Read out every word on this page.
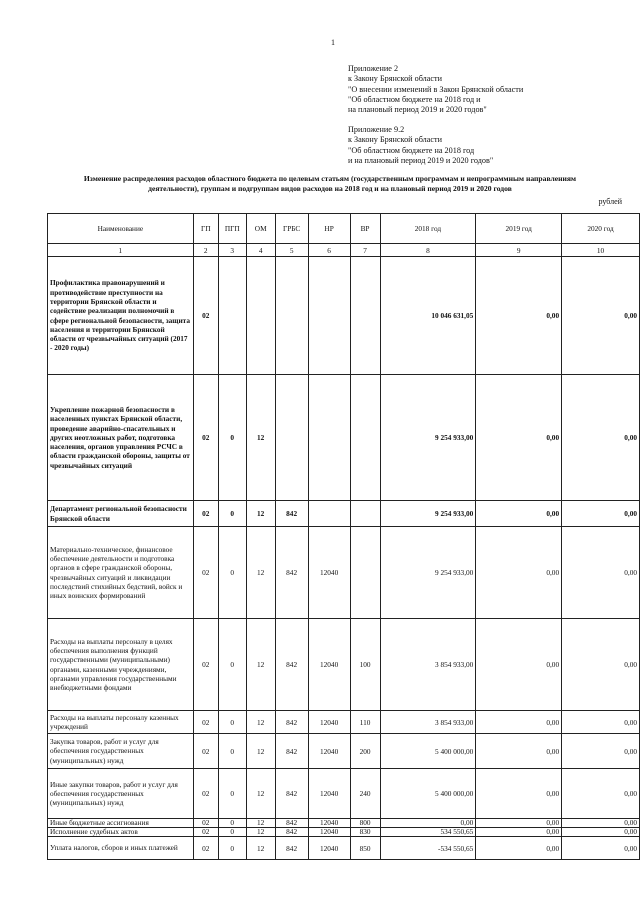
1
Приложение 2
к Закону Брянской области
"О внесении изменений в Закон Брянской области
"Об областном бюджете на 2018 год и
на плановый период 2019 и 2020 годов"
Приложение 9.2
к Закону Брянской области
"Об областном бюджете на 2018 год
и на плановый период 2019 и 2020 годов"
Изменение распределения расходов областного бюджета по целевым статьям (государственным программам и непрограммным направлениям
деятельности), группам и подгруппам видов расходов на 2018 год и на плановый период 2019 и 2020 годов
рублей
Наименование	ГП	ПГП	ОМ	ГРБС	НР	ВР	2018 год	2019 год	2020 год
1	2	3	4	5	6	7	8	9	10
Профилактика правонарушений и противодействие преступности на территории Брянской области и содействие реализации полномочий в сфере региональной безопасности, защита населения и территории Брянской области от чрезвычайных ситуаций (2017 - 2020 годы)	02						10 046 631,05	0,00	0,00
Укрепление пожарной безопасности в населенных пунктах Брянской области, проведение аварийно-спасательных и других неотложных работ, подготовка населения, органов управления РСЧС в области гражданской обороны, защиты от чрезвычайных ситуаций	02	0	12				9 254 933,00	0,00	0,00
Департамент региональной безопасности Брянской области	02	0	12	842			9 254 933,00	0,00	0,00
Материально-техническое, финансовое обеспечение деятельности и подготовка органов в сфере гражданской обороны, чрезвычайных ситуаций и ликвидации последствий стихийных бедствий, войск и иных воинских формирований	02	0	12	842	12040		9 254 933,00	0,00	0,00
Расходы на выплаты персоналу в целях обеспечения выполнения функций государственными (муниципальными) органами, казенными учреждениями, органами управления государственными внебюджетными фондами	02	0	12	842	12040	100	3 854 933,00	0,00	0,00
Расходы на выплаты персоналу казенных учреждений	02	0	12	842	12040	110	3 854 933,00	0,00	0,00
Закупка товаров, работ и услуг для обеспечения государственных (муниципальных) нужд	02	0	12	842	12040	200	5 400 000,00	0,00	0,00
Иные закупки товаров, работ и услуг для обеспечения государственных (муниципальных) нужд	02	0	12	842	12040	240	5 400 000,00	0,00	0,00
Иные бюджетные ассигнования	02	0	12	842	12040	800	0,00	0,00	0,00
Исполнение судебных актов	02	0	12	842	12040	830	534 550,65	0,00	0,00
Уплата налогов, сборов и иных платежей	02	0	12	842	12040	850	-534 550,65	0,00	0,00
